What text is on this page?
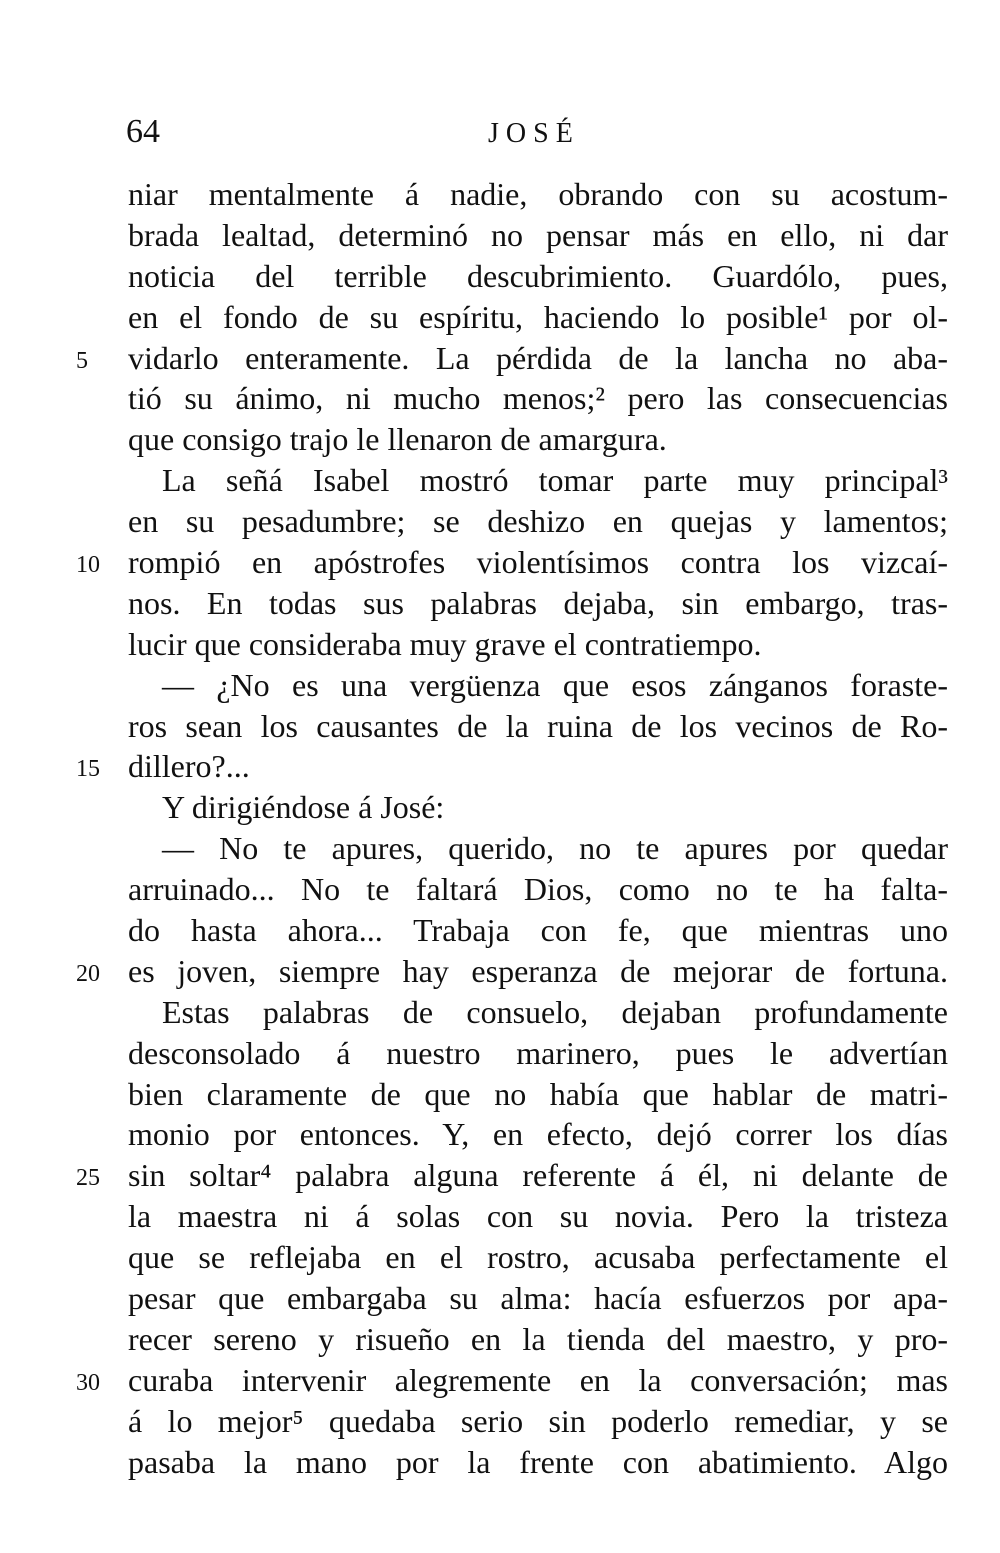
64	JOSÉ
niar mentalmente á nadie, obrando con su acostum-
brada lealtad, determinó no pensar más en ello, ni dar
noticia del terrible descubrimiento. Guardólo, pues,
en el fondo de su espíritu, haciendo lo posible¹ por ol-
5	vidarlo enteramente. La pérdida de la lancha no aba-
tió su ánimo, ni mucho menos;² pero las consecuencias
que consigo trajo le llenaron de amargura.
La señá Isabel mostró tomar parte muy principal³
en su pesadumbre; se deshizo en quejas y lamentos;
10 rompió en apóstrofes violentísimos contra los vizcaí-
nos. En todas sus palabras dejaba, sin embargo, tras-
lucir que consideraba muy grave el contratiempo.
— ¿No es una vergüenza que esos zánganos foraste-
ros sean los causantes de la ruina de los vecinos de Ro-
15 dillero?...
Y dirigiéndose á José:
— No te apures, querido, no te apures por quedar
arruinado... No te faltará Dios, como no te ha falta-
do hasta ahora... Trabaja con fe, que mientras uno
20 es joven, siempre hay esperanza de mejorar de fortuna.
Estas palabras de consuelo, dejaban profundamente
desconsolado á nuestro marinero, pues le advertían
bien claramente de que no había que hablar de matri-
monio por entonces. Y, en efecto, dejó correr los días
25 sin soltar⁴ palabra alguna referente á él, ni delante de
la maestra ni á solas con su novia. Pero la tristeza
que se reflejaba en el rostro, acusaba perfectamente el
pesar que embargaba su alma: hacía esfuerzos por apa-
recer sereno y risueño en la tienda del maestro, y pro-
30 curaba intervenir alegremente en la conversación; mas
á lo mejor⁵ quedaba serio sin poderlo remediar, y se
pasaba la mano por la frente con abatimiento. Algo
